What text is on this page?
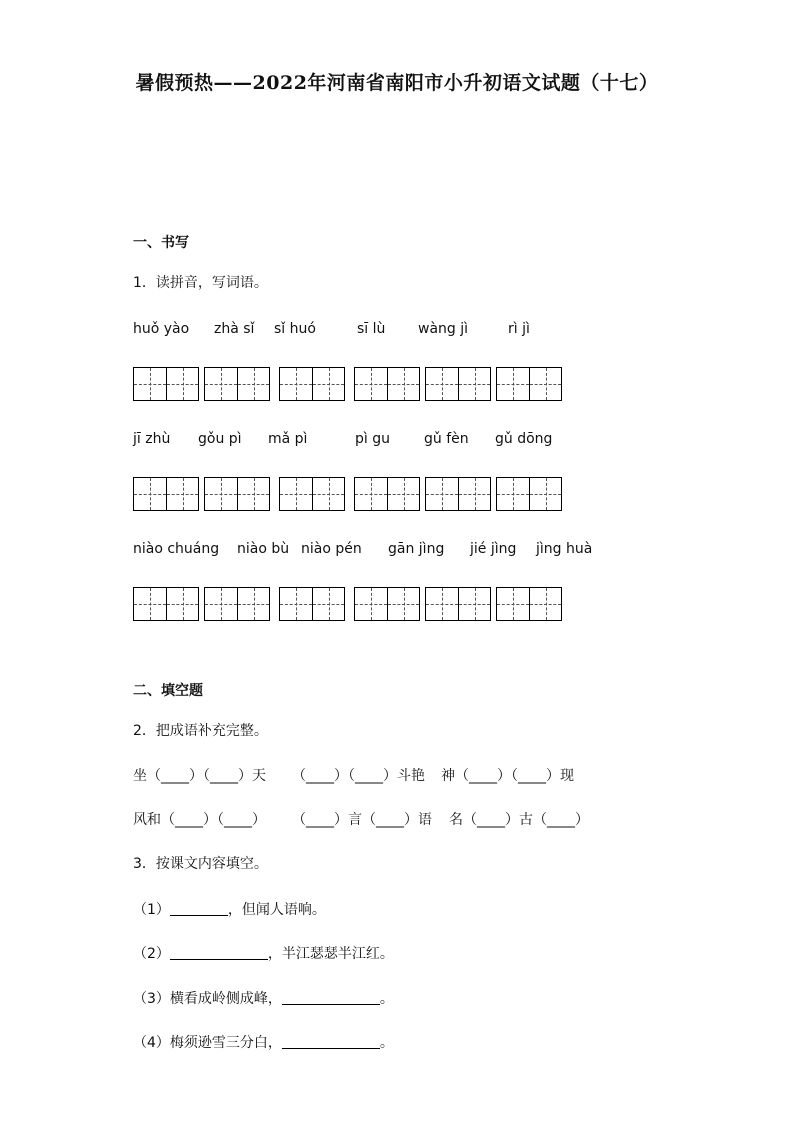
暑假预热——2022年河南省南阳市小升初语文试题（十七）
一、书写
1．读拼音，写词语。
huǒ yào zhà sǐ sǐ huó	sī lù wàng jì	rì jì
jī zhù gǒu pì mǎ pì	pì gu gǔ fèn gǔ dōng
niào chuáng niào bù niào pén gān jìng jié jìng jìng huà
二、填空题
2．把成语补充完整。
坐（____）（____）天 （____）（____）斗艳 神（____）（____）现
风和（____）（____） （____）言（____）语 名（____）古（____）
3．按课文内容填空。
（1）	，但闻人语响。
（2）	，半江瑟瑟半江红。
（3）横看成岭侧成峰，	。
（4）梅须逊雪三分白，	。
